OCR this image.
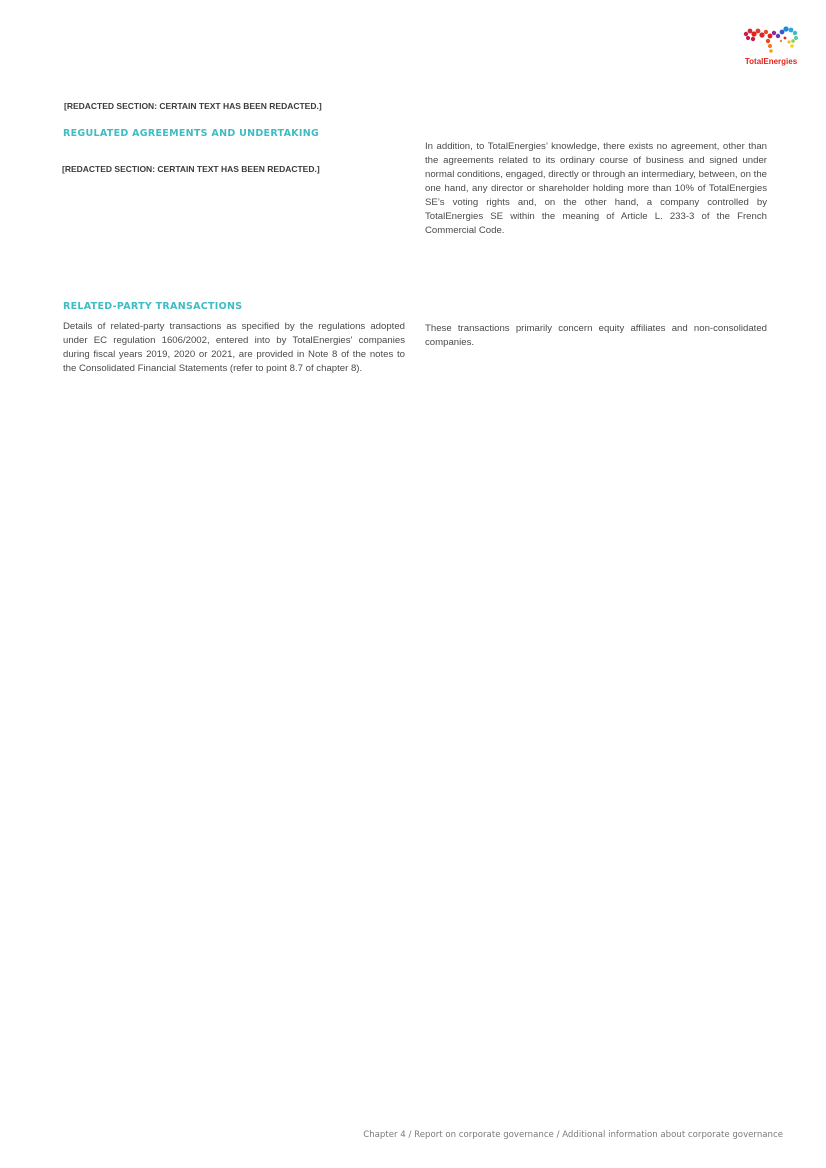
TotalEnergies

[REDACTED SECTION: CERTAIN TEXT HAS BEEN REDACTED.]

REGULATED AGREEMENTS AND UNDERTAKING

[REDACTED SECTION: CERTAIN TEXT HAS BEEN REDACTED.]

In addition, to TotalEnergies’ knowledge, there exists no agreement, other than the agreements related to its ordinary course of business and signed under normal conditions, engaged, directly or through an intermediary, between, on the one hand, any director or shareholder holding more than 10% of TotalEnergies SE’s voting rights and, on the other hand, a company controlled by TotalEnergies SE within the meaning of Article L. 233-3 of the French Commercial Code.

RELATED-PARTY TRANSACTIONS

Details of related-party transactions as specified by the regulations adopted under EC regulation 1606/2002, entered into by TotalEnergies' companies during fiscal years 2019, 2020 or 2021, are provided in Note 8 of the notes to the Consolidated Financial Statements (refer to point 8.7 of chapter 8).

These transactions primarily concern equity affiliates and non-consolidated companies.

Chapter 4 / Report on corporate governance / Additional information about corporate governance
